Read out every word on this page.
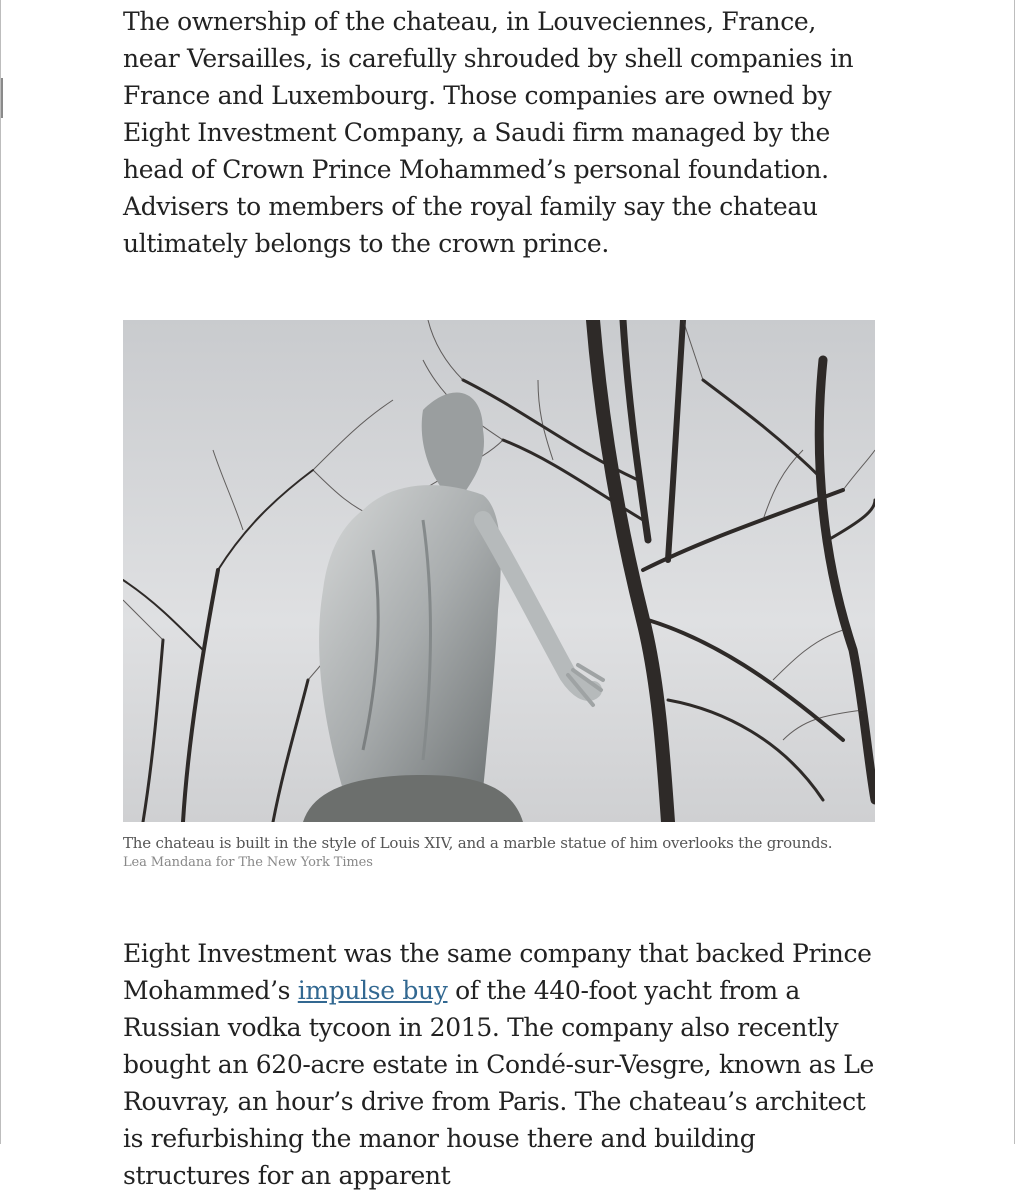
The ownership of the chateau, in Louveciennes, France, near Versailles, is carefully shrouded by shell companies in France and Luxembourg. Those companies are owned by Eight Investment Company, a Saudi firm managed by the head of Crown Prince Mohammed’s personal foundation. Advisers to members of the royal family say the chateau ultimately belongs to the crown prince.

The chateau is built in the style of Louis XIV, and a marble statue of him overlooks the grounds.
Lea Mandana for The New York Times

Eight Investment was the same company that backed Prince Mohammed’s impulse buy of the 440-foot yacht from a Russian vodka tycoon in 2015. The company also recently bought an 620-acre estate in Condé-sur-Vesgre, known as Le Rouvray, an hour’s drive from Paris. The chateau’s architect is refurbishing the manor house there and building structures for an apparent
